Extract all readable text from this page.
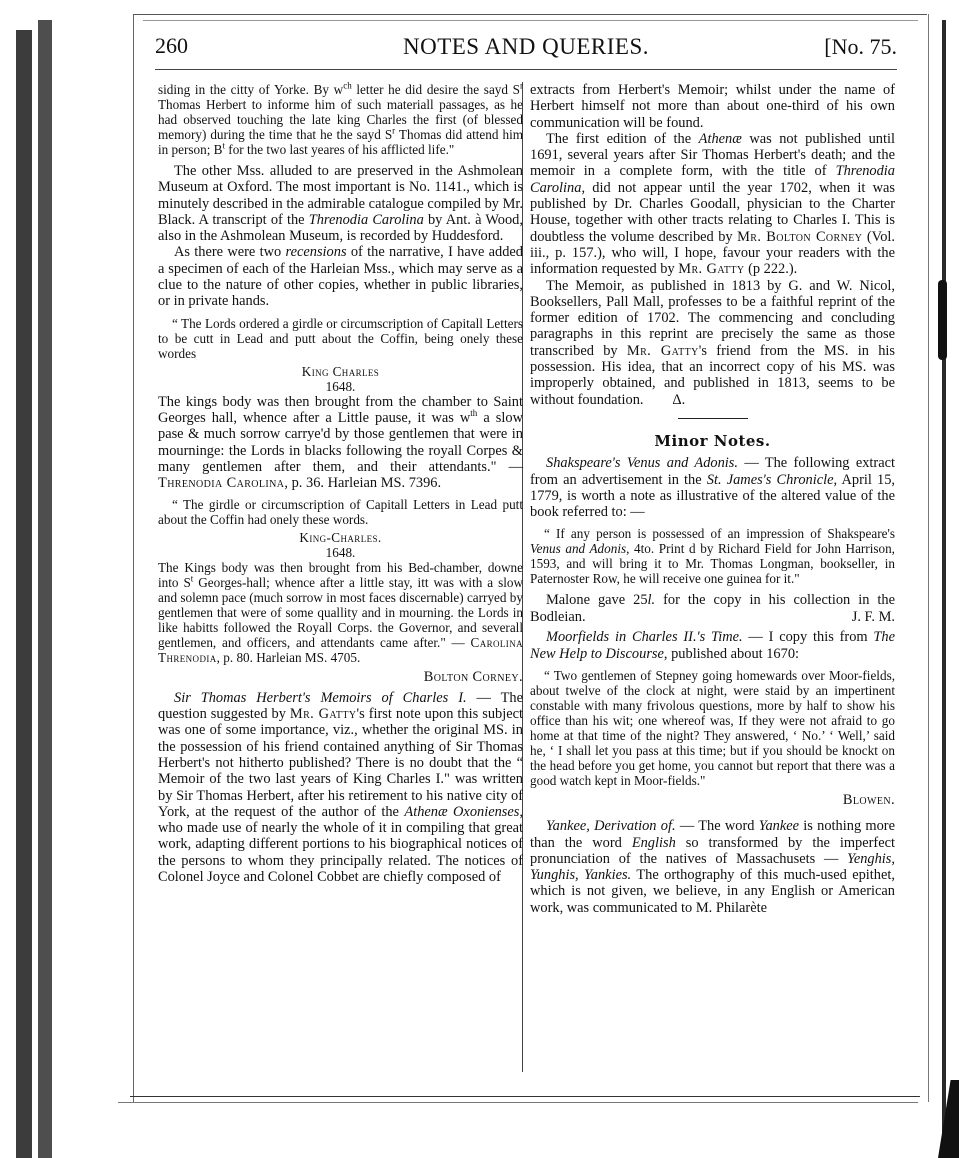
260	NOTES AND QUERIES.	[No. 75.

siding in the citty of Yorke. By $w^{ch}$ letter he did desire the sayd $S^r$ Thomas Herbert to informe him of such materiall passages, as he had observed touching the late king Charles the first (of blessed memory) during the time that he the sayd $S^r$ Thomas did attend him in person; $B^t$ for the two last yeares of his afflicted life."

The other Mss. alluded to are preserved in the Ashmolean Museum at Oxford. The most important is No. 1141., which is minutely described in the admirable catalogue compiled by Mr. Black. A transcript of the Threnodia Carolina by Ant. à Wood, also in the Ashmolean Museum, is recorded by Huddesford.

As there were two recensions of the narrative, I have added a specimen of each of the Harleian Mss., which may serve as a clue to the nature of other copies, whether in public libraries, or in private hands.

“ The Lords ordered a girdle or circumscription of Capitall Letters to be cutt in Lead and putt about the Coffin, being onely these wordes

King Charles

1648.

The kings body was then brought from the chamber to Saint Georges hall, whence after a Little pause, it was $w^{th}$ a slow pase & much sorrow carrye'd by those gentlemen that were in mourninge: the Lords in blacks following the royall Corpes & many gentlemen after them, and their attendants." — Threnodia Carolina, p. 36. Harleian MS. 7396.

“ The girdle or circumscription of Capitall Letters in Lead putt about the Coffin had onely these words.

King-Charles.

1648.

The Kings body was then brought from his Bed-chamber, downe into $S^t$ Georges-hall; whence after a little stay, itt was with a slow and solemn pace (much sorrow in most faces discernable) carryed by gentlemen that were of some quallity and in mourning. the Lords in like habitts followed the Royall Corps. the Governor, and severall gentlemen, and officers, and attendants came after." — Carolina Threnodia, p. 80. Harleian MS. 4705.

Bolton Corney.

Sir Thomas Herbert's Memoirs of Charles I. — The question suggested by Mr. Gatty's first note upon this subject was one of some importance, viz., whether the original MS. in the possession of his friend contained anything of Sir Thomas Herbert's not hitherto published? There is no doubt that the “ Memoir of the two last years of King Charles I." was written by Sir Thomas Herbert, after his retirement to his native city of York, at the request of the author of the Athenæ Oxonienses, who made use of nearly the whole of it in compiling that great work, adapting different portions to his biographical notices of the persons to whom they principally related. The notices of Colonel Joyce and Colonel Cobbet are chiefly composed of

extracts from Herbert's Memoir; whilst under the name of Herbert himself not more than about one-third of his own communication will be found.

The first edition of the Athenæ was not published until 1691, several years after Sir Thomas Herbert's death; and the memoir in a complete form, with the title of Threnodia Carolina, did not appear until the year 1702, when it was published by Dr. Charles Goodall, physician to the Charter House, together with other tracts relating to Charles I. This is doubtless the volume described by Mr. Bolton Corney (Vol. iii., p. 157.), who will, I hope, favour your readers with the information requested by Mr. Gatty (p 222.).

The Memoir, as published in 1813 by G. and W. Nicol, Booksellers, Pall Mall, professes to be a faithful reprint of the former edition of 1702. The commencing and concluding paragraphs in this reprint are precisely the same as those transcribed by Mr. Gatty's friend from the MS. in his possession. His idea, that an incorrect copy of his MS. was improperly obtained, and published in 1813, seems to be without foundation. Δ.

Minor Notes.

Shakspeare's Venus and Adonis. — The following extract from an advertisement in the St. James's Chronicle, April 15, 1779, is worth a note as illustrative of the altered value of the book referred to: —

“ If any person is possessed of an impression of Shakspeare's Venus and Adonis, 4to. Print d by Richard Field for John Harrison, 1593, and will bring it to Mr. Thomas Longman, bookseller, in Paternoster Row, he will receive one guinea for it."

Malone gave 25l. for the copy in his collection in the Bodleian.	J. F. M.

Moorfields in Charles II.'s Time. — I copy this from The New Help to Discourse, published about 1670:

“ Two gentlemen of Stepney going homewards over Moor-fields, about twelve of the clock at night, were staid by an impertinent constable with many frivolous questions, more by half to show his office than his wit; one whereof was, If they were not afraid to go home at that time of the night? They answered, ‘ No.’ ‘ Well,’ said he, ‘ I shall let you pass at this time; but if you should be knockt on the head before you get home, you cannot but report that there was a good watch kept in Moor-fields."

Blowen.

Yankee, Derivation of. — The word Yankee is nothing more than the word English so transformed by the imperfect pronunciation of the natives of Massachusets — Yenghis, Yunghis, Yankies. The orthography of this much-used epithet, which is not given, we believe, in any English or American work, was communicated to M. Philarète
